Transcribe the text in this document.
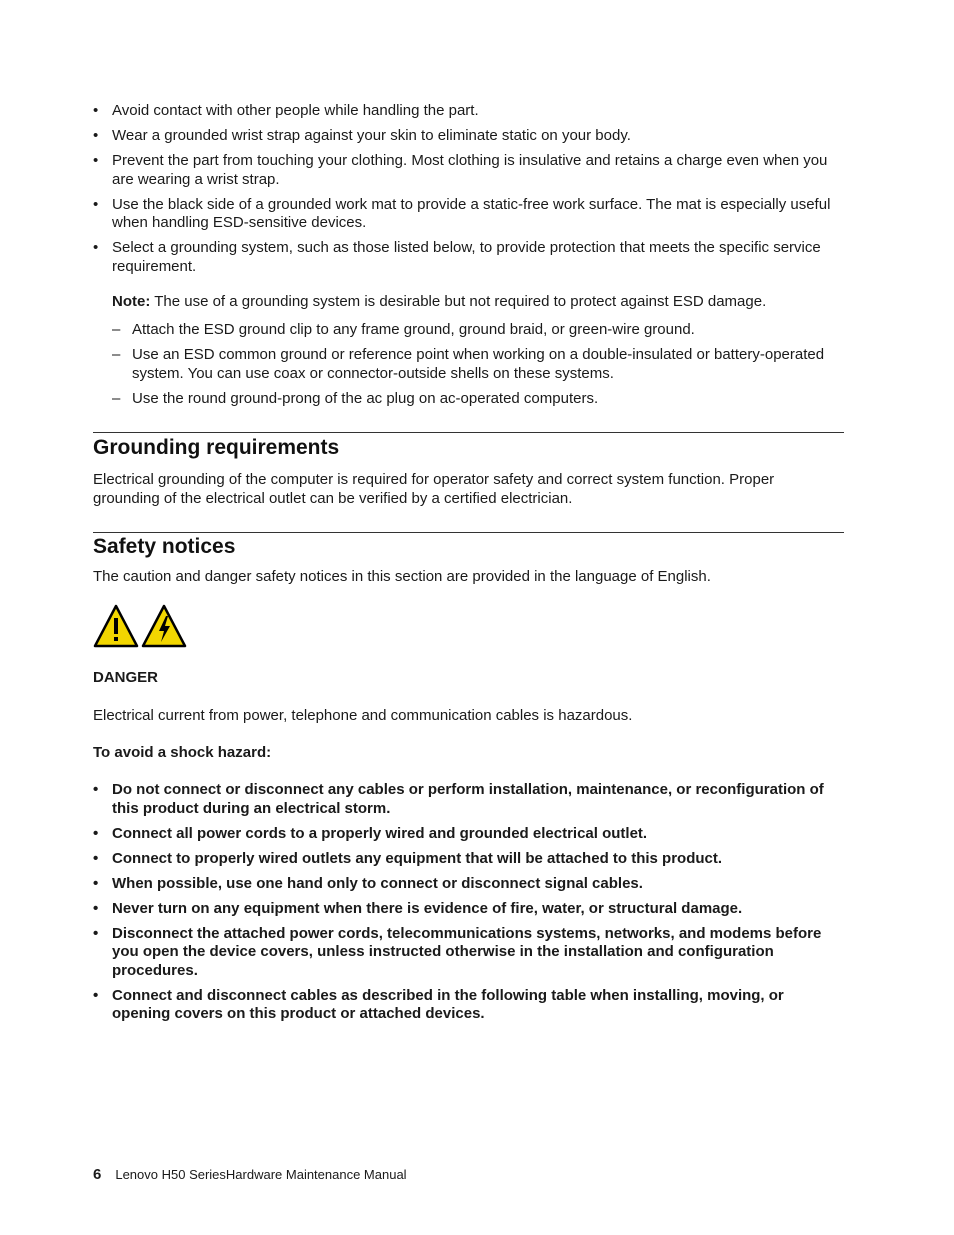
• Avoid contact with other people while handling the part.
• Wear a grounded wrist strap against your skin to eliminate static on your body.
• Prevent the part from touching your clothing. Most clothing is insulative and retains a charge even when you are wearing a wrist strap.
• Use the black side of a grounded work mat to provide a static-free work surface. The mat is especially useful when handling ESD-sensitive devices.
• Select a grounding system, such as those listed below, to provide protection that meets the specific service requirement.
Note: The use of a grounding system is desirable but not required to protect against ESD damage.
– Attach the ESD ground clip to any frame ground, ground braid, or green-wire ground.
– Use an ESD common ground or reference point when working on a double-insulated or battery-operated system. You can use coax or connector-outside shells on these systems.
– Use the round ground-prong of the ac plug on ac-operated computers.
Grounding requirements

Electrical grounding of the computer is required for operator safety and correct system function. Proper grounding of the electrical outlet can be verified by a certified electrician.

Safety notices

The caution and danger safety notices in this section are provided in the language of English.

DANGER

Electrical current from power, telephone and communication cables is hazardous.

To avoid a shock hazard:
• Do not connect or disconnect any cables or perform installation, maintenance, or reconfiguration of this product during an electrical storm.
• Connect all power cords to a properly wired and grounded electrical outlet.
• Connect to properly wired outlets any equipment that will be attached to this product.
• When possible, use one hand only to connect or disconnect signal cables.
• Never turn on any equipment when there is evidence of fire, water, or structural damage.
• Disconnect the attached power cords, telecommunications systems, networks, and modems before you open the device covers, unless instructed otherwise in the installation and configuration procedures.
• Connect and disconnect cables as described in the following table when installing, moving, or opening covers on this product or attached devices.
6 Lenovo H50 SeriesHardware Maintenance Manual
